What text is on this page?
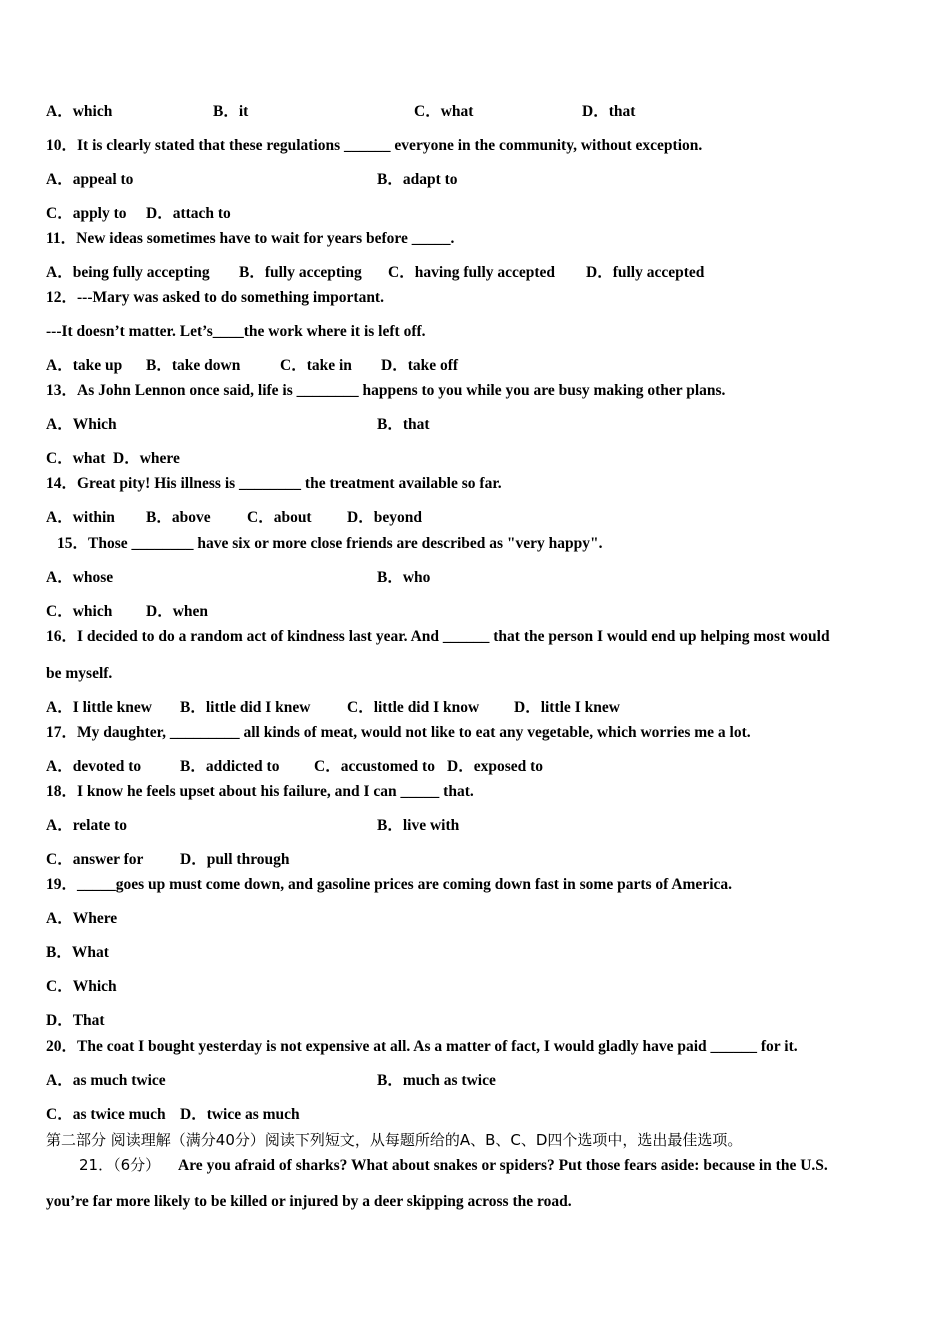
A．which	B．it	C．what	D．that
10．It is clearly stated that these regulations ______ everyone in the community, without exception.
A．appeal to	B．adapt to
C．apply to D．attach to
11．New ideas sometimes have to wait for years before _____.
A．being fully accepting B．fully accepting C．having fully accepted D．fully accepted
12．---Mary was asked to do something important.
---It doesn’t matter. Let’s____the work where it is left off.
A．take up B．take down	C．take in D．take off
13．As John Lennon once said, life is ________ happens to you while you are busy making other plans.
A．Which	B．that
C．what D．where
14．Great pity! His illness is ________ the treatment available so far.
A．within B．above C．about D．beyond
15．Those ________ have six or more close friends are described as "very happy".
A．whose	B．who
C．which D．when
16．I decided to do a random act of kindness last year. And ______ that the person I would end up helping most would
be myself.
A．I little knew B．little did I knew C．little did I know D．little I knew
17．My daughter, _________ all kinds of meat, would not like to eat any vegetable, which worries me a lot.
A．devoted to	B．addicted to C．accustomed to D．exposed to
18．I know he feels upset about his failure, and I can _____ that.
A．relate to	B．live with
C．answer for D．pull through
19．_____goes up must come down, and gasoline prices are coming down fast in some parts of America.
A．Where
B．What
C．Which
D．That
20．The coat I bought yesterday is not expensive at all. As a matter of fact, I would gladly have paid ______ for it.
A．as much twice	B．much as twice
C．as twice much D．twice as much
第二部分 阅读理解（满分40分）阅读下列短文，从每题所给的A、B、C、D四个选项中，选出最佳选项。
21．（6分） Are you afraid of sharks? What about snakes or spiders? Put those fears aside: because in the U.S.
you’re far more likely to be killed or injured by a deer skipping across the road.
